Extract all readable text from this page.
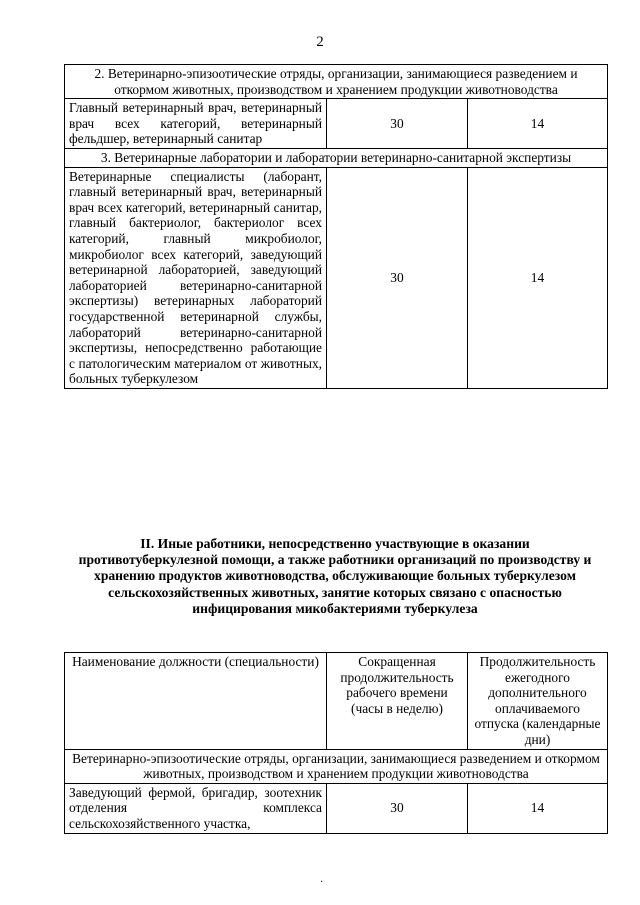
2
2. Ветеринарно-эпизоотические отряды, организации, занимающиеся разведением и откормом животных, производством и хранением продукции животноводства		
Главный ветеринарный врач, ветеринарный врач всех категорий, ветеринарный фельдшер, ветеринарный санитар	30	14
3. Ветеринарные лаборатории и лаборатории ветеринарно-санитарной экспертизы		
Ветеринарные специалисты (лаборант, главный ветеринарный врач, ветеринарный врач всех категорий, ветеринарный санитар, главный бактериолог, бактериолог всех категорий, главный микробиолог, микробиолог всех категорий, заведующий ветеринарной лабораторией, заведующий лабораторией ветеринарно-санитарной экспертизы) ветеринарных лабораторий государственной ветеринарной службы, лабораторий ветеринарно-санитарной экспертизы, непосредственно работающие с патологическим материалом от животных, больных туберкулезом	30	14
II. Иные работники, непосредственно участвующие в оказании противотуберкулезной помощи, а также работники организаций по производству и хранению продуктов животноводства, обслуживающие больных туберкулезом сельскохозяйственных животных, занятие которых связано с опасностью инфицирования микобактериями туберкулеза
Наименование должности (специальности)	Сокращенная продолжительность рабочего времени (часы в неделю)	Продолжительность ежегодного дополнительного оплачиваемого отпуска (календарные дни)
Ветеринарно-эпизоотические отряды, организации, занимающиеся разведением и откормом животных, производством и хранением продукции животноводства		
Заведующий фермой, бригадир, зоотехник отделения комплекса сельскохозяйственного участка,	30	14
·
